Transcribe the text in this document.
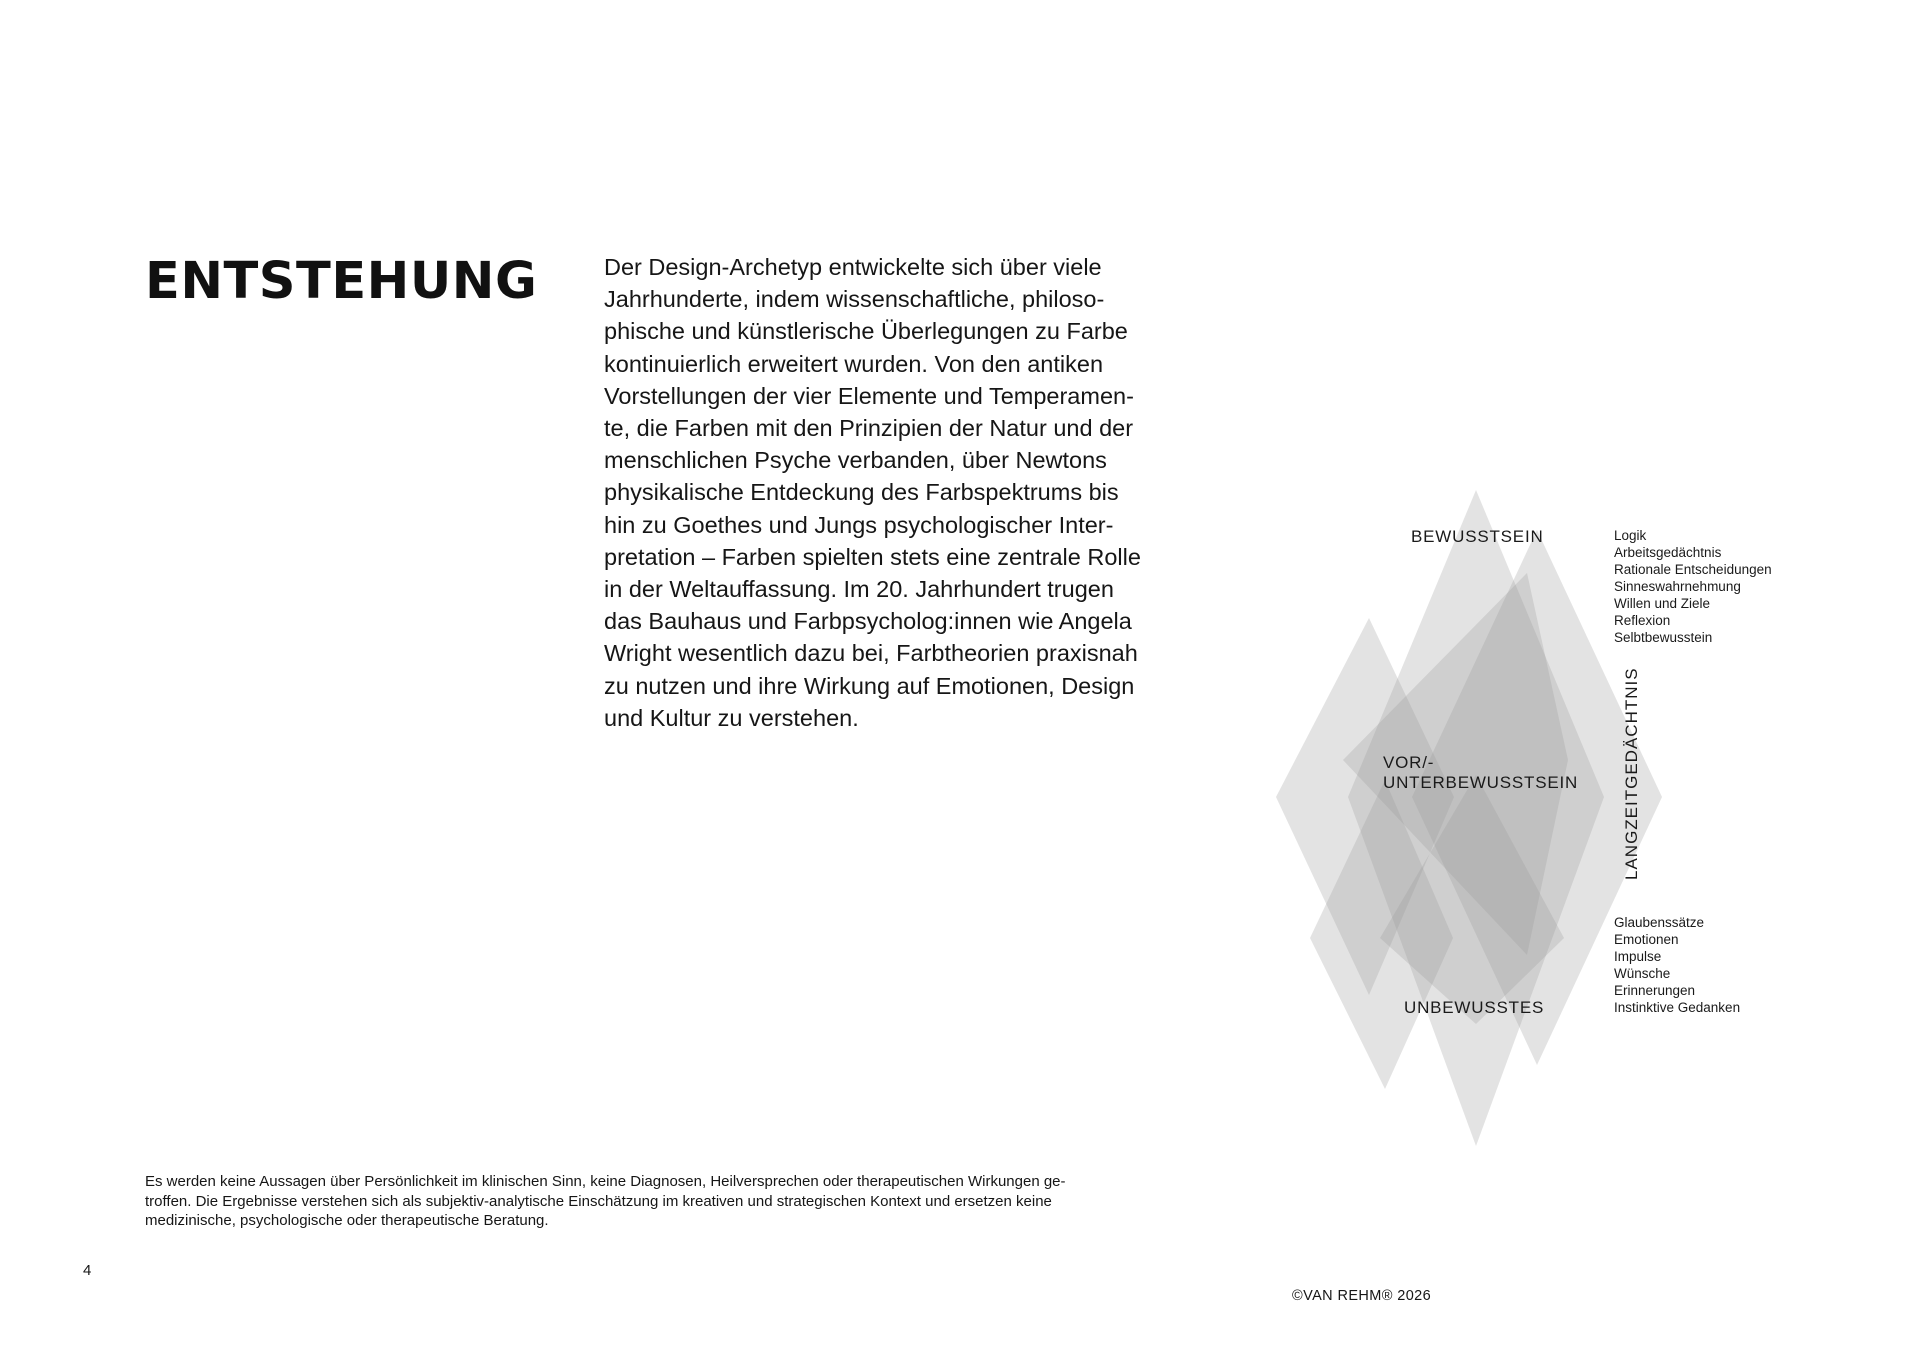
ENTSTEHUNG	Der Design-Archetyp entwickelte sich über viele
Jahrhunderte, indem wissenschaftliche, philoso-
phische und künstlerische Überlegungen zu Farbe
kontinuierlich erweitert wurden. Von den antiken
Vorstellungen der vier Elemente und Temperamen-
te, die Farben mit den Prinzipien der Natur und der
menschlichen Psyche verbanden, über Newtons
physikalische Entdeckung des Farbspektrums bis
hin zu Goethes und Jungs psychologischer Inter-
pretation – Farben spielten stets eine zentrale Rolle
in der Weltauffassung. Im 20. Jahrhundert trugen
das Bauhaus und Farbpsycholog:innen wie Angela
Wright wesentlich dazu bei, Farbtheorien praxisnah
zu nutzen und ihre Wirkung auf Emotionen, Design
und Kultur zu verstehen.

BEWUSSTSEIN
VOR/-
UNTERBEWUSSTSEIN
UNBEWUSSTES
LANGZEITGEDÄCHTNIS
Logik
Arbeitsgedächtnis
Rationale Entscheidungen
Sinneswahrnehmung
Willen und Ziele
Reflexion
Selbtbewusstein
Glaubenssätze
Emotionen
Impulse
Wünsche
Erinnerungen
Instinktive Gedanken

Es werden keine Aussagen über Persönlichkeit im klinischen Sinn, keine Diagnosen, Heilversprechen oder therapeutischen Wirkungen ge-
troffen. Die Ergebnisse verstehen sich als subjektiv-analytische Einschätzung im kreativen und strategischen Kontext und ersetzen keine
medizinische, psychologische oder therapeutische Beratung.

4
©VAN REHM® 2026
